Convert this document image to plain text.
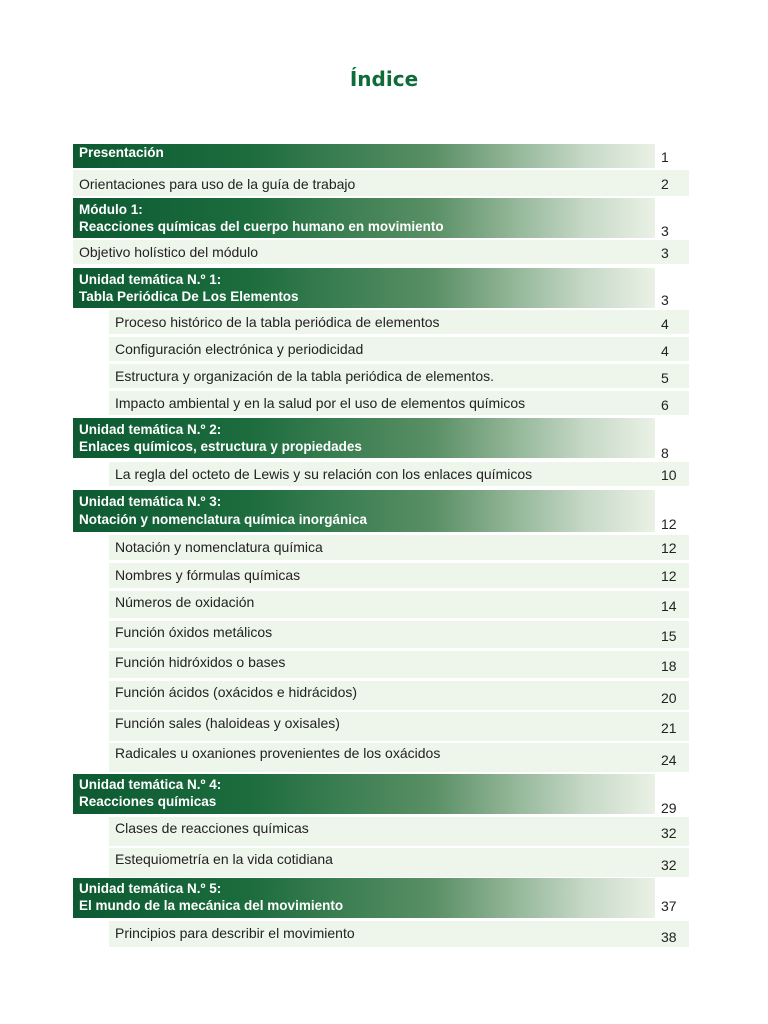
Índice
Presentación	1
Orientaciones para uso de la guía de trabajo	2
Módulo 1:
Reacciones químicas del cuerpo humano en movimiento	3
Objetivo holístico del módulo	3
Unidad temática N.º 1:
Tabla Periódica De Los Elementos	3
Proceso histórico de la tabla periódica de elementos	4
Configuración electrónica y periodicidad	4
Estructura y organización de la tabla periódica de elementos.	5
Impacto ambiental y en la salud por el uso de elementos químicos	6
Unidad temática N.º 2:
Enlaces químicos, estructura y propiedades	8
La regla del octeto de Lewis y su relación con los enlaces químicos	10
Unidad temática N.º 3:
Notación y nomenclatura química inorgánica	12
Notación y nomenclatura química	12
Nombres y fórmulas químicas	12
Números de oxidación	14
Función óxidos metálicos	15
Función hidróxidos o bases	18
Función ácidos (oxácidos e hidrácidos)	20
Función sales (haloideas y oxisales)	21
Radicales u oxaniones provenientes de los oxácidos	24
Unidad temática N.º 4:
Reacciones químicas	29
Clases de reacciones químicas	32
Estequiometría en la vida cotidiana	32
Unidad temática N.º 5:
El mundo de la mecánica del movimiento	37
Principios para describir el movimiento	38
